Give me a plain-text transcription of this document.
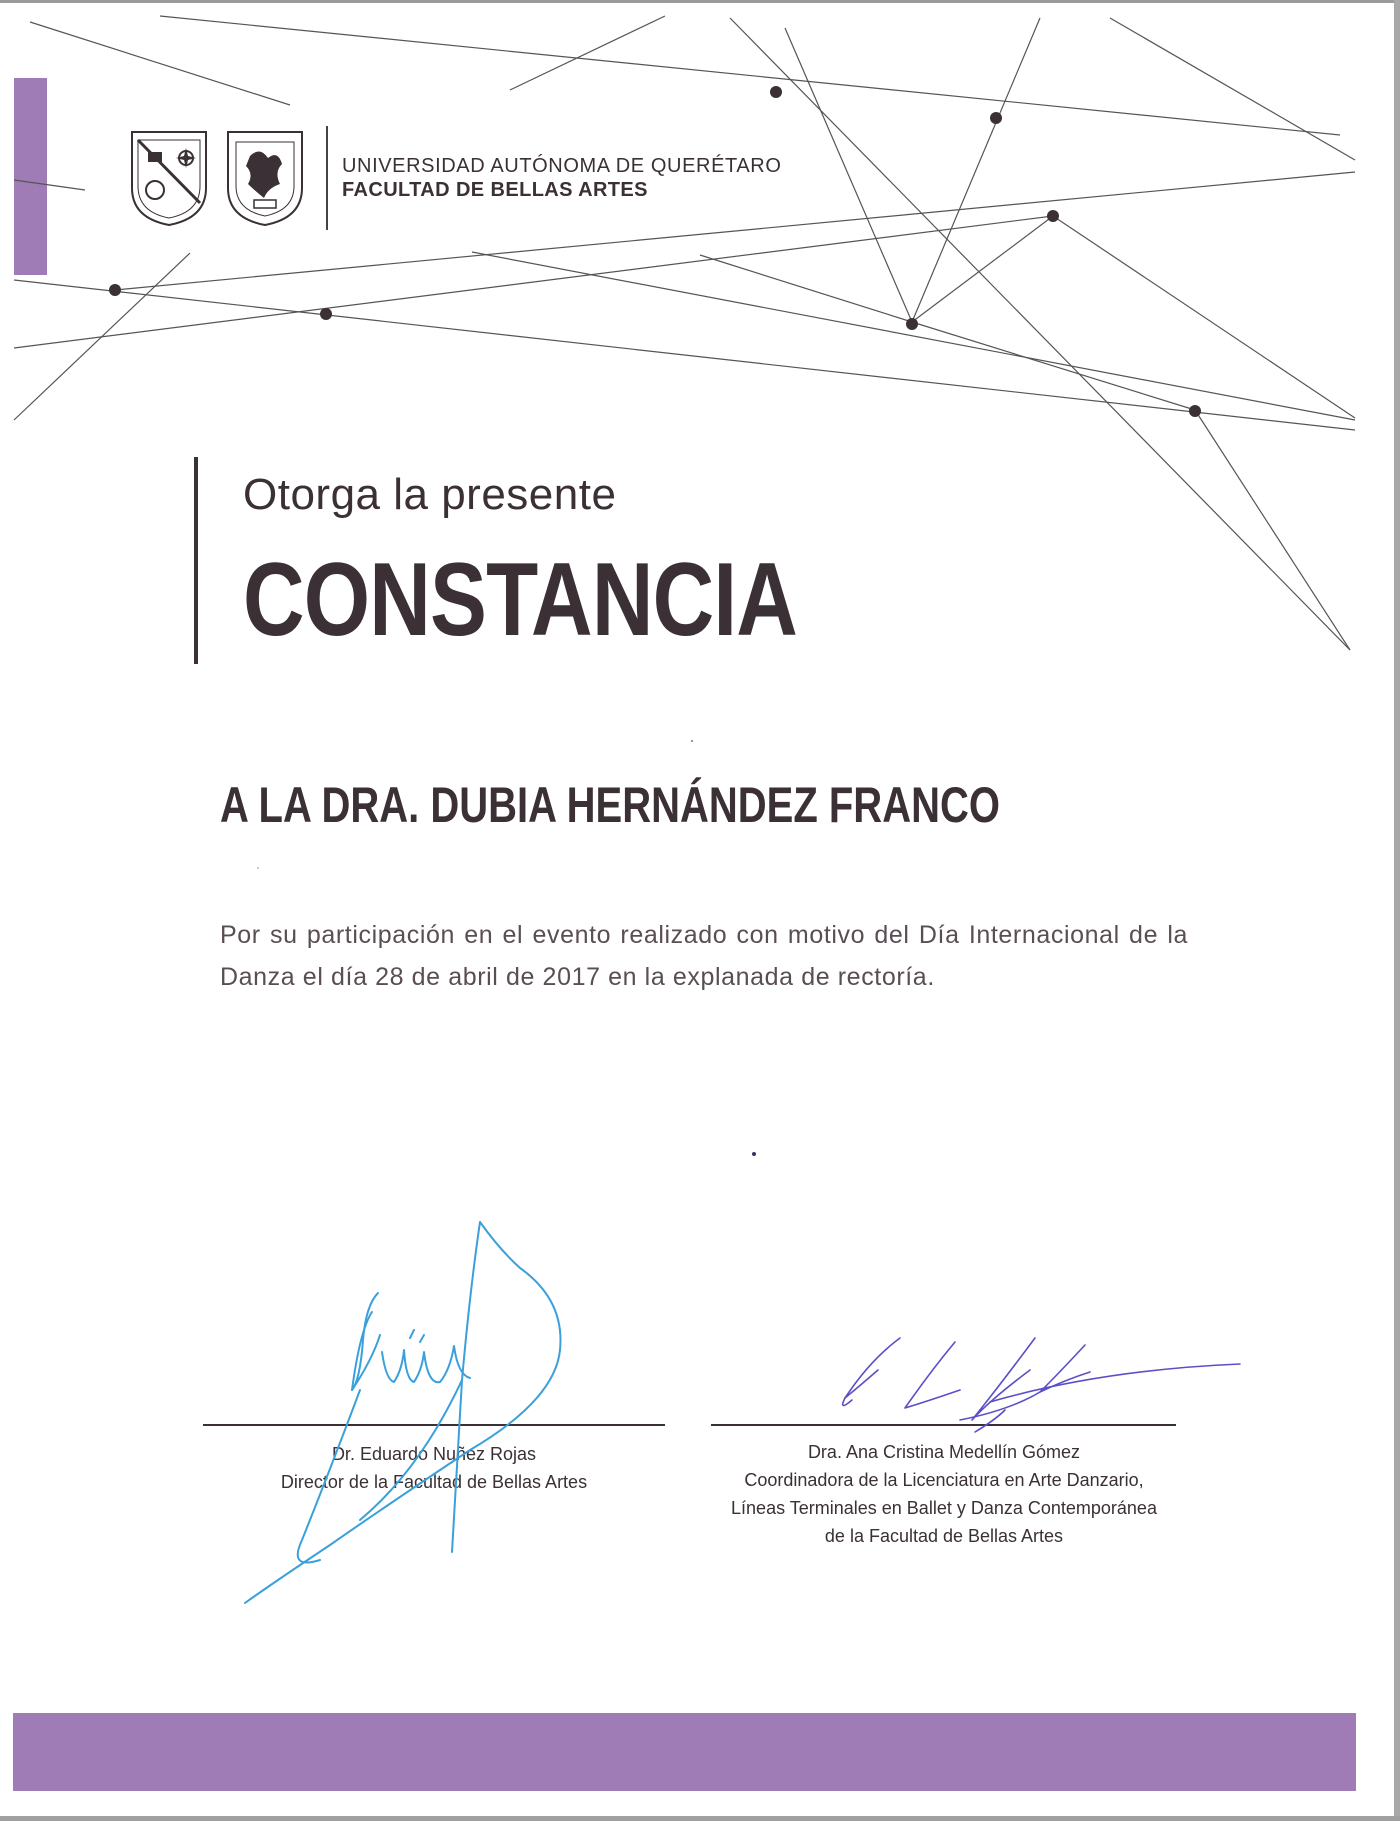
UNIVERSIDAD AUTÓNOMA DE QUERÉTARO
FACULTAD DE BELLAS ARTES
Otorga la presente
CONSTANCIA
A LA DRA. DUBIA HERNÁNDEZ FRANCO
Por su participación en el evento realizado con motivo del Día Internacional de la Danza el día 28 de abril de 2017 en la explanada de rectoría.
Dr. Eduardo Nuñez Rojas
Director de la Facultad de Bellas Artes
Dra. Ana Cristina Medellín Gómez
Coordinadora de la Licenciatura en Arte Danzario,
Líneas Terminales en Ballet y Danza Contemporánea
de la Facultad de Bellas Artes
